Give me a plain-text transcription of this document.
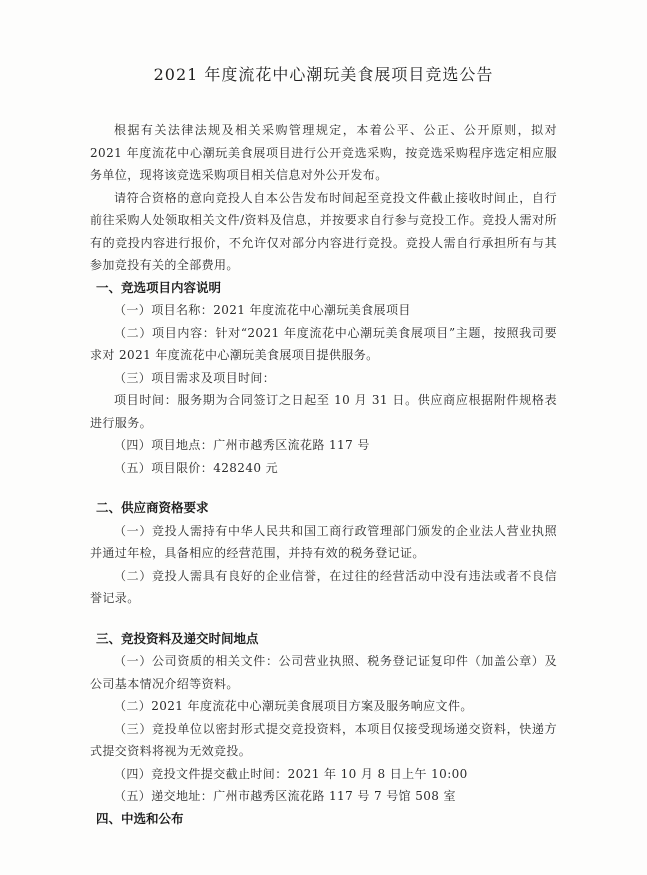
2021 年度流花中心潮玩美食展项目竞选公告

根据有关法律法规及相关采购管理规定，本着公平、公正、公开原则，拟对 2021 年度流花中心潮玩美食展项目进行公开竞选采购，按竞选采购程序选定相应服务单位，现将该竞选采购项目相关信息对外公开发布。

请符合资格的意向竞投人自本公告发布时间起至竞投文件截止接收时间止，自行前往采购人处领取相关文件/资料及信息，并按要求自行参与竞投工作。竞投人需对所有的竞投内容进行报价，不允许仅对部分内容进行竞投。竞投人需自行承担所有与其参加竞投有关的全部费用。

一、竞选项目内容说明

（一）项目名称：2021 年度流花中心潮玩美食展项目

（二）项目内容：针对“2021 年度流花中心潮玩美食展项目”主题，按照我司要求对 2021 年度流花中心潮玩美食展项目提供服务。

（三）项目需求及项目时间：

项目时间：服务期为合同签订之日起至 10 月 31 日。供应商应根据附件规格表进行服务。

（四）项目地点：广州市越秀区流花路 117 号

（五）项目限价：428240 元

二、供应商资格要求

（一）竞投人需持有中华人民共和国工商行政管理部门颁发的企业法人营业执照并通过年检，具备相应的经营范围，并持有效的税务登记证。

（二）竞投人需具有良好的企业信誉，在过往的经营活动中没有违法或者不良信誉记录。

三、竞投资料及递交时间地点

（一）公司资质的相关文件：公司营业执照、税务登记证复印件（加盖公章）及公司基本情况介绍等资料。

（二）2021 年度流花中心潮玩美食展项目方案及服务响应文件。

（三）竞投单位以密封形式提交竞投资料，本项目仅接受现场递交资料，快递方式提交资料将视为无效竞投。

（四）竞投文件提交截止时间：2021 年 10 月 8 日上午 10:00

（五）递交地址：广州市越秀区流花路 117 号 7 号馆 508 室

四、中选和公布
